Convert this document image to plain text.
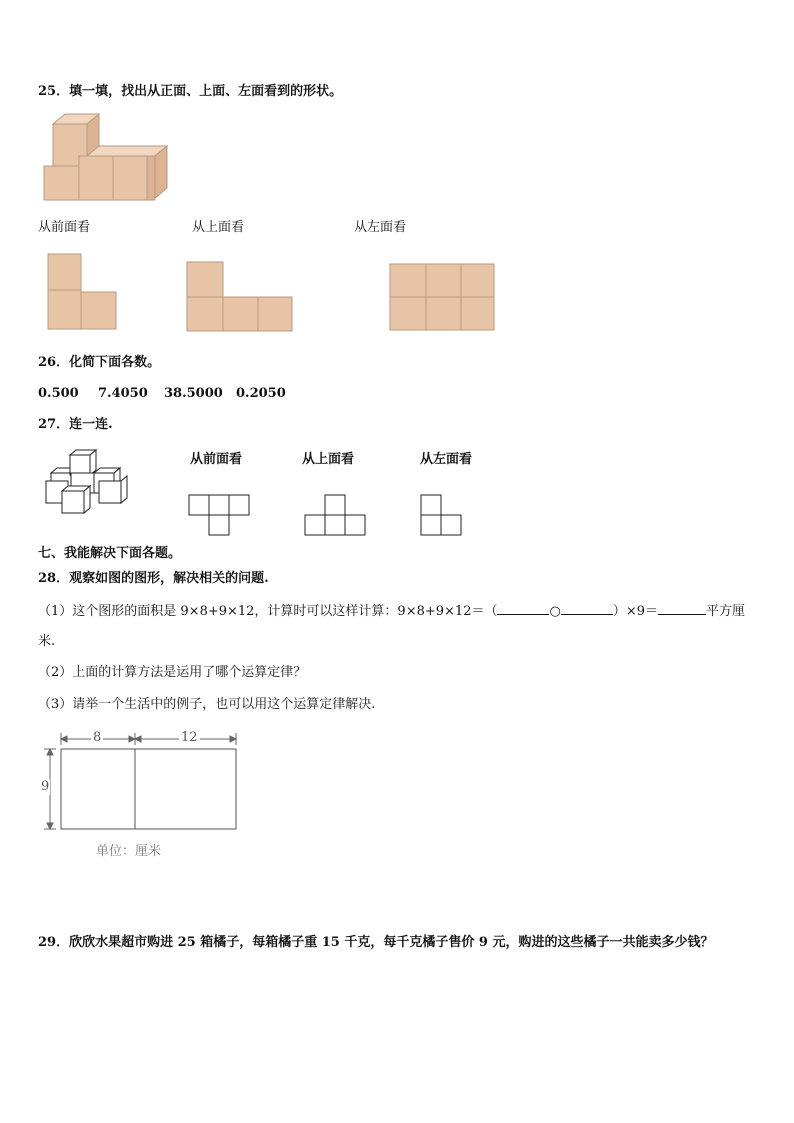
25．填一填，找出从正面、上面、左面看到的形状。
从前面看	从上面看	从左面看
26．化简下面各数。
0.500 7.4050 38.5000 0.2050
27．连一连.
从前面看	从上面看	从左面看
七、我能解决下面各题。
28．观察如图的图形，解决相关的问题.
（1）这个图形的面积是 9×8+9×12，计算时可以这样计算：9×8+9×12＝（	○	）×9＝	平方厘
米.
（2）上面的计算方法是运用了哪个运算定律？
（3）请举一个生活中的例子，也可以用这个运算定律解决.
8	12
9
单位：厘米
29．欣欣水果超市购进 25 箱橘子，每箱橘子重 15 千克，每千克橘子售价 9 元，购进的这些橘子一共能卖多少钱？
